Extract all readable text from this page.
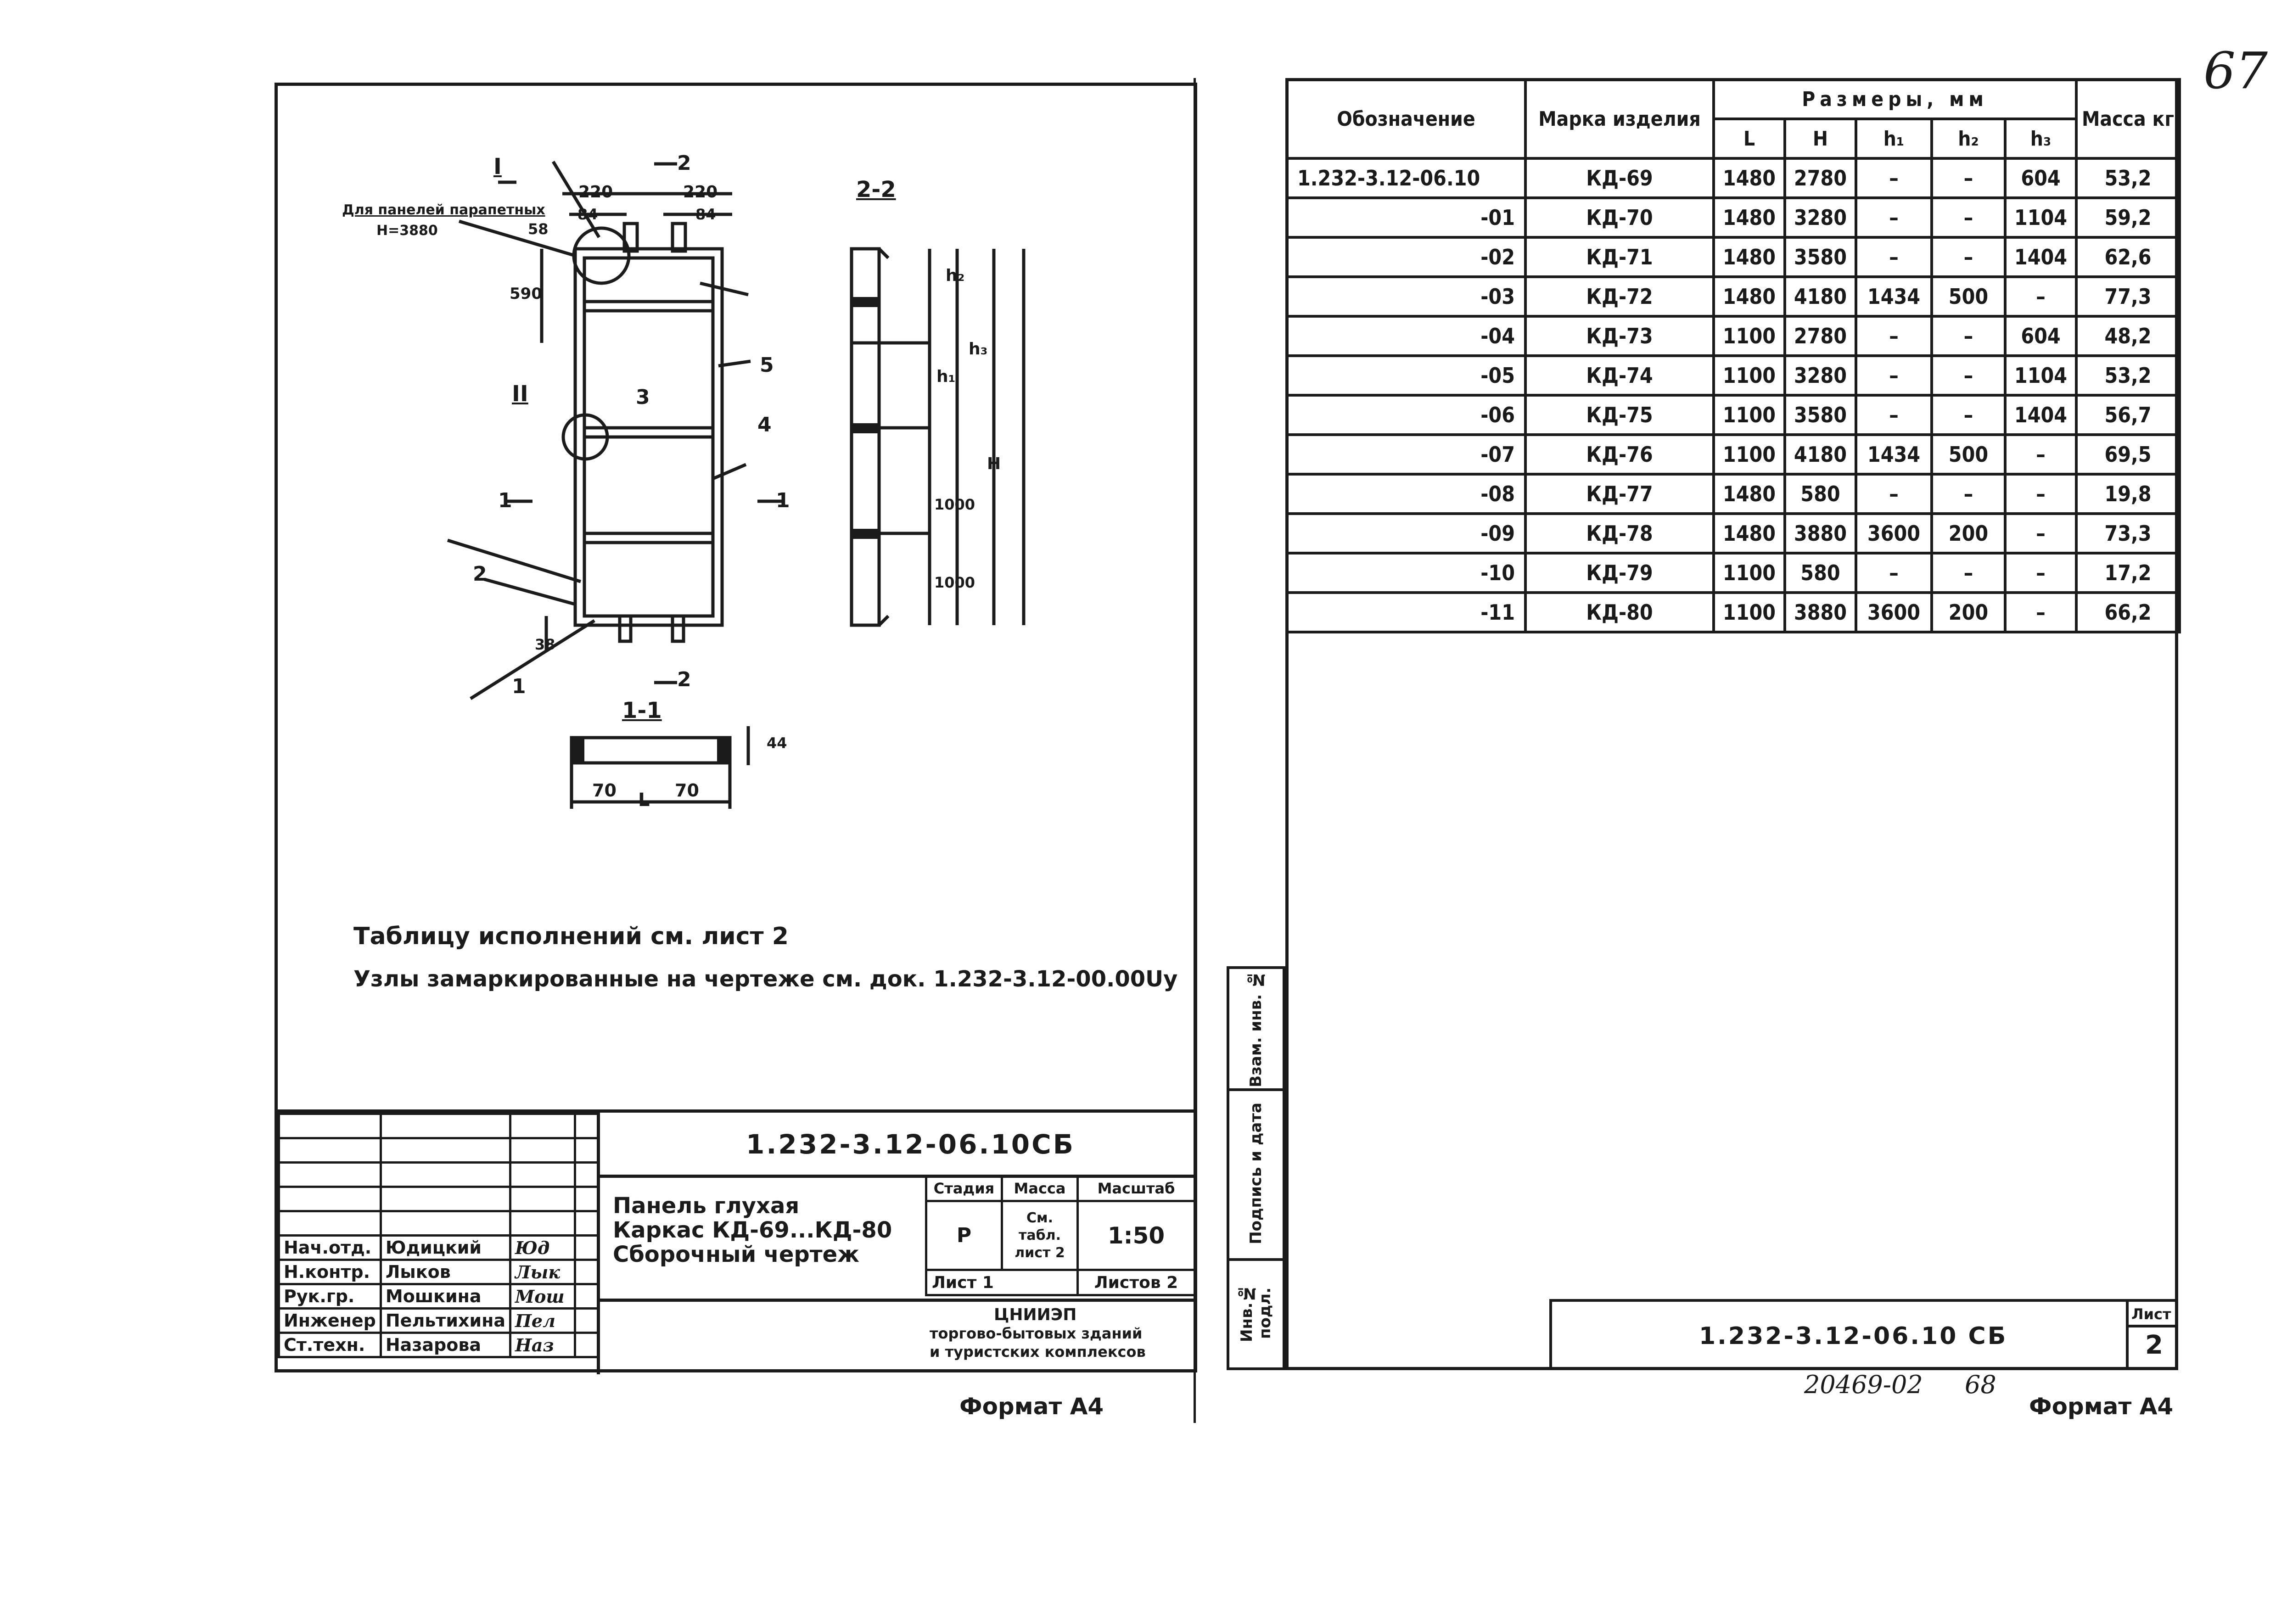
67
Для панелей парапетных
H=3880
2-2
1-1
I
II
220
84
220
84
58
590
38
70 L 70
44
1000
1000
h₁
h₂
h₃
H
1
2
3
4
5
2
2
1	1
Таблицу исполнений см. лист 2
Узлы замаркированные на чертеже см. док. 1.232-3.12-00.00Uу

Нач.отд.	Юдицкий	Юд	
Н.контр.	Лыков	Лык	
Рук.гр.	Мошкина	Мош	
Инженер	Пельтихина	Пел	
Ст.техн.	Назарова	Наз	
1.232-3.12-06.10СБ
Панель глухая
Каркас КД-69...КД-80
Сборочный чертеж
Стадия	Масса	Масштаб
Р	См. табл. лист 2	1:50
Лист 1		Листов 2
ЦНИИЭП
торгово-бытовых зданий
и туристских комплексов
Формат А4
Обозначение	Марка изделия	Размеры, мм					Масса кг
		L	H	h₁	h₂	h₃	
1.232-3.12-06.10	КД-69	1480	2780	–	–	604	53,2
-01	КД-70	1480	3280	–	–	1104	59,2
-02	КД-71	1480	3580	–	–	1404	62,6
-03	КД-72	1480	4180	1434	500	–	77,3
-04	КД-73	1100	2780	–	–	604	48,2
-05	КД-74	1100	3280	–	–	1104	53,2
-06	КД-75	1100	3580	–	–	1404	56,7
-07	КД-76	1100	4180	1434	500	–	69,5
-08	КД-77	1480	580	–	–	–	19,8
-09	КД-78	1480	3880	3600	200	–	73,3
-10	КД-79	1100	580	–	–	–	17,2
-11	КД-80	1100	3880	3600	200	–	66,2
Взам. инв. №
Подпись и дата
Инв.№ подл.	1.232-3.12-06.10 СБ
Лист
2
20469-02 68
Формат А4
